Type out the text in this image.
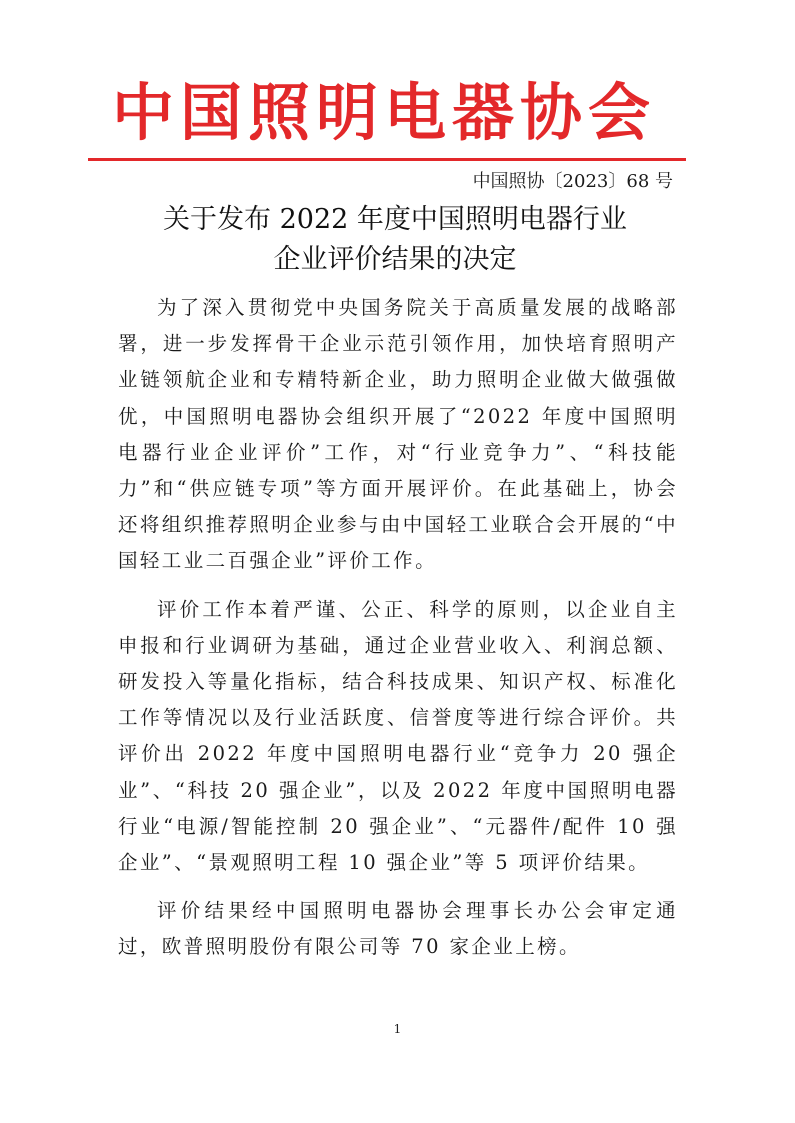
中国照明电器协会
中国照协〔2023〕68 号
关于发布 2022 年度中国照明电器行业
企业评价结果的决定

为了深入贯彻党中央国务院关于高质量发展的战略部署，进一步发挥骨干企业示范引领作用，加快培育照明产业链领航企业和专精特新企业，助力照明企业做大做强做优，中国照明电器协会组织开展了“2022 年度中国照明电器行业企业评价”工作，对“行业竞争力”、“科技能力”和“供应链专项”等方面开展评价。在此基础上，协会还将组织推荐照明企业参与由中国轻工业联合会开展的“中国轻工业二百强企业”评价工作。

评价工作本着严谨、公正、科学的原则，以企业自主申报和行业调研为基础，通过企业营业收入、利润总额、研发投入等量化指标，结合科技成果、知识产权、标准化工作等情况以及行业活跃度、信誉度等进行综合评价。共评价出 2022 年度中国照明电器行业“竞争力 20 强企业”、“科技 20 强企业”，以及 2022 年度中国照明电器行业“电源/智能控制 20 强企业”、“元器件/配件 10 强企业”、“景观照明工程 10 强企业”等 5 项评价结果。

评价结果经中国照明电器协会理事长办公会审定通过，欧普照明股份有限公司等 70 家企业上榜。

1
